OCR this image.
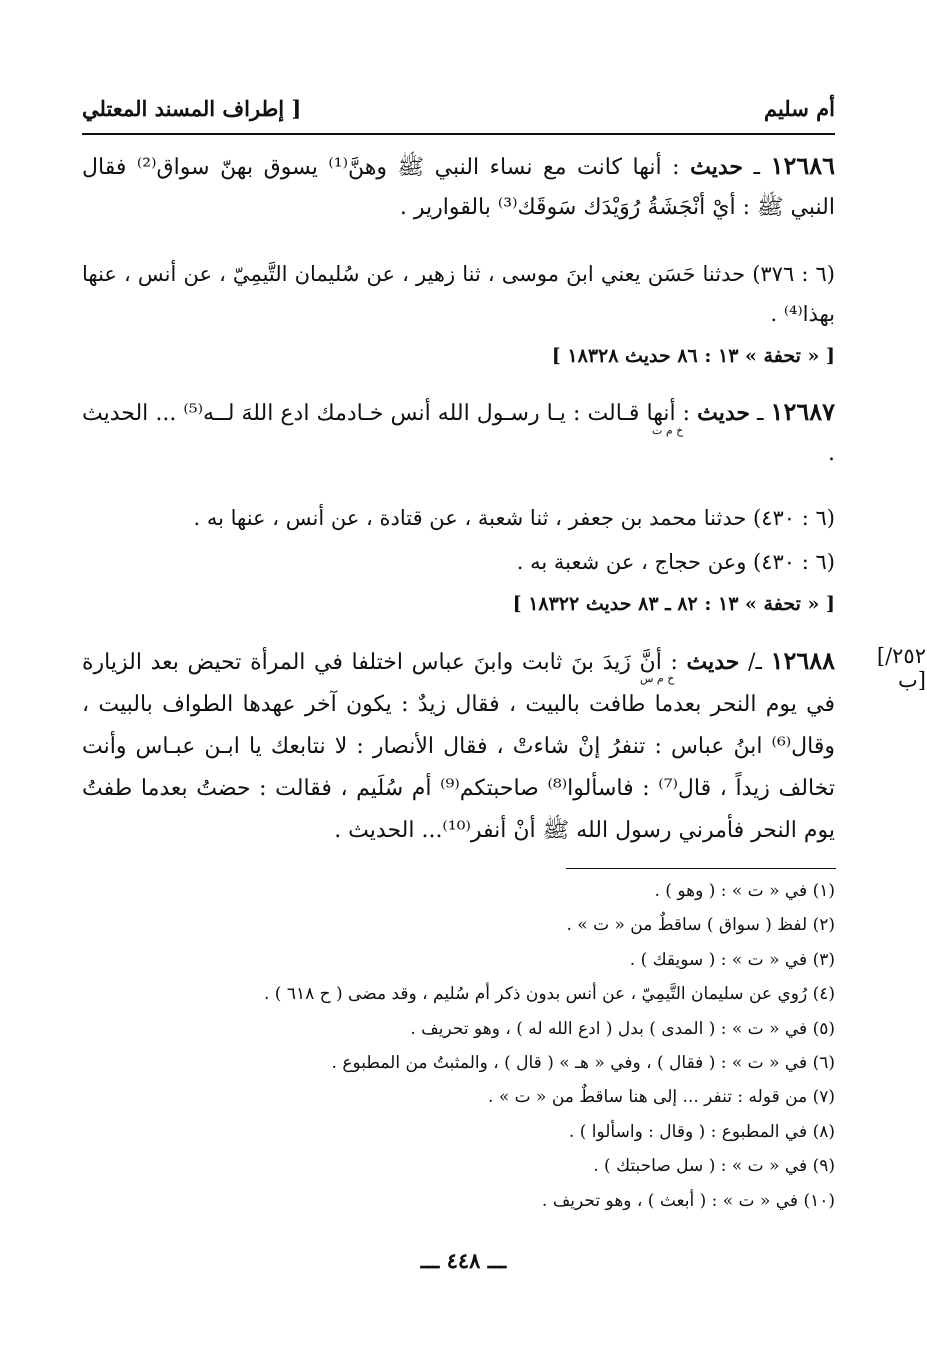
أم سليم
[ إطراف المسند المعتلي
١٢٦٨٦ ـ حديث : أنها كانت مع نساء النبي ﷺ وهنَّ⁽¹⁾ يسوق بهنّ سواق⁽²⁾ فقال النبي ﷺ : أيْ أنْجَشَةُ رُوَيْدَك سَوقَك⁽³⁾ بالقوارير .
(٦ : ٣٧٦) حدثنا حَسَن يعني ابنَ موسى ، ثنا زهير ، عن سُليمان التَّيمِيّ ، عن أنس ، عنها بهذا⁽⁴⁾ .
[ « تحفة » ١٣ : ٨٦ حديث ١٨٣٢٨ ]
١٢٦٨٧ ـ حديث : أنها قـالت : يـا رسـول الله أنس خـادمك ادع اللهَ لــه⁽⁵⁾ ... الحديث .
خ م ت
(٦ : ٤٣٠) حدثنا محمد بن جعفر ، ثنا شعبة ، عن قتادة ، عن أنس ، عنها به .
(٦ : ٤٣٠) وعن حجاج ، عن شعبة به .
[ « تحفة » ١٣ : ٨٢ ـ ٨٣ حديث ١٨٣٢٢ ]
[٢٥٢/ب]
١٢٦٨٨ ـ/ حديث : أنَّ زَيدَ بنَ ثابت وابنَ عباس اختلفا في المرأة تحيض بعد الزيارة في يوم النحر بعدما طافت بالبيت ، فقال زيدٌ : يكون آخر عهدها الطواف بالبيت ، وقال⁽⁶⁾ ابنُ عباس : تنفرُ إنْ شاءتْ ، فقال الأنصار : لا نتابعك يا ابـن عبـاس وأنت تخالف زيداً ، قال⁽⁷⁾ : فاسألوا⁽⁸⁾ صاحبتكم⁽⁹⁾ أم سُلَيم ، فقالت : حضتُ بعدما طفتُ يوم النحر فأمرني رسول الله ﷺ أنْ أنفر⁽¹⁰⁾... الحديث .
خ م س
(١) في « ت » : ( وهو ) .
(٢) لفظ ( سواق ) ساقطٌ من « ت » .
(٣) في « ت » : ( سويقك ) .
(٤) رُوي عن سليمان التَّيمِيّ ، عن أنس بدون ذكر أم سُليم ، وقد مضى ( ح ٦١٨ ) .
(٥) في « ت » : ( المدى ) بدل ( ادع الله له ) ، وهو تحريف .
(٦) في « ت » : ( فقال ) ، وفي « هـ » ( قال ) ، والمثبتُ من المطبوع .
(٧) من قوله : تنفر ... إلى هنا ساقطٌ من « ت » .
(٨) في المطبوع : ( وقال : واسألوا ) .
(٩) في « ت » : ( سل صاحبتك ) .
(١٠) في « ت » : ( أبعث ) ، وهو تحريف .
ـــ ٤٤٨ ـــ
